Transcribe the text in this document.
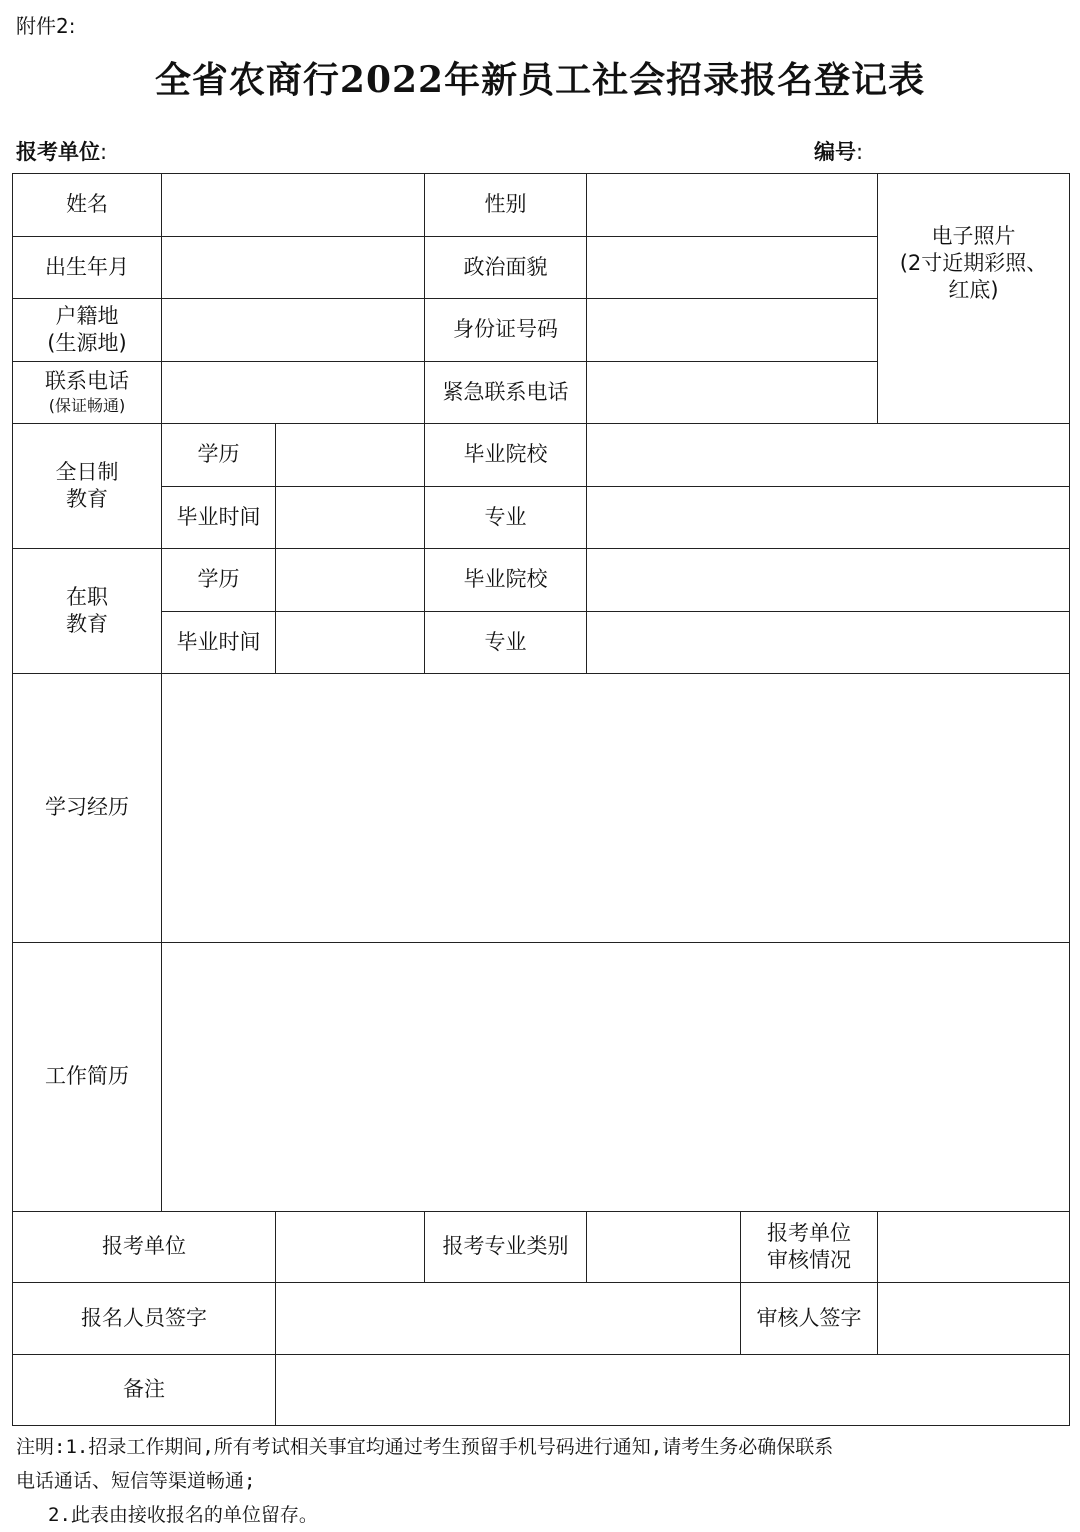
附件2:
全省农商行2022年新员工社会招录报名登记表
报考单位:	编号:
姓名			性别			电子照片
(2寸近期彩照、
红底)

出生年月			政治面貌			

户籍地
(生源地)			身份证号码			

联系电话
(保证畅通)			紧急联系电话			

全日制
教育	学历		毕业院校			
	毕业时间		专业			

在职
教育	学历		毕业院校			
	毕业时间		专业			
学习经历						
工作简历						
报考单位			报考专业类别		报考单位
审核情况	

报名人员签字					审核人签字	
备注						
注明:1.招录工作期间,所有考试相关事宜均通过考生预留手机号码进行通知,请考生务必确保联系
电话通话、短信等渠道畅通;
2.此表由接收报名的单位留存。
